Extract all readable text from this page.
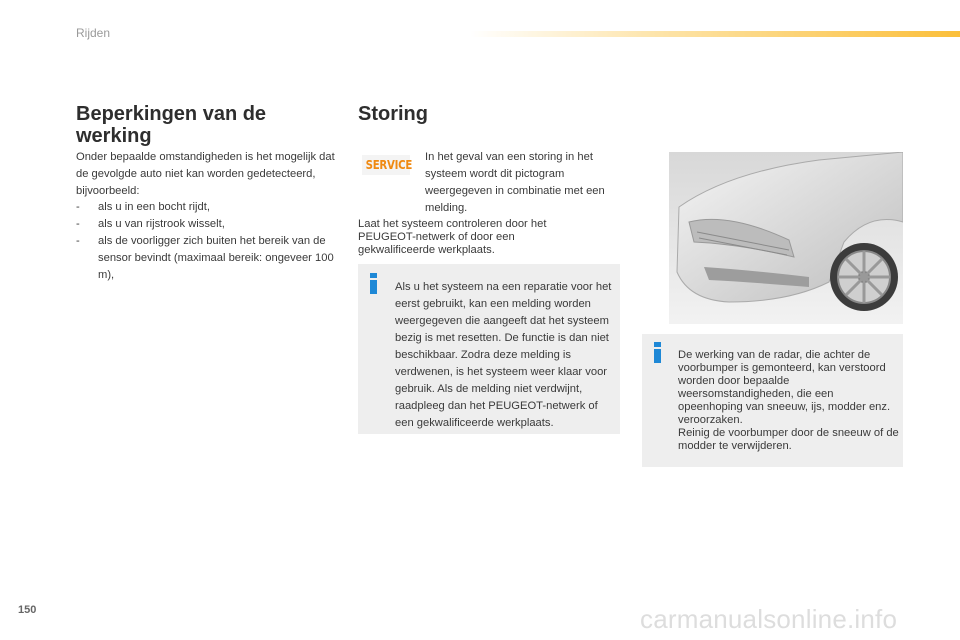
Rijden
Beperkingen van de werking

Onder bepaalde omstandigheden is het mogelijk dat de gevolgde auto niet kan worden gedetecteerd, bijvoorbeeld:

- als u in een bocht rijdt,
- als u van rijstrook wisselt,
- als de voorligger zich buiten het bereik van de sensor bevindt (maximaal bereik: ongeveer 100 m),
Storing
SERVICE

In het geval van een storing in het systeem wordt dit pictogram weergegeven in combinatie met een melding.

Laat het systeem controleren door het PEUGEOT-netwerk of door een gekwalificeerde werkplaats.

Als u het systeem na een reparatie voor het eerst gebruikt, kan een melding worden weergegeven die aangeeft dat het systeem bezig is met resetten. De functie is dan niet beschikbaar. Zodra deze melding is verdwenen, is het systeem weer klaar voor gebruik. Als de melding niet verdwijnt, raadpleeg dan het PEUGEOT-netwerk of een gekwalificeerde werkplaats.

De werking van de radar, die achter de voorbumper is gemonteerd, kan verstoord worden door bepaalde weersomstandigheden, die een opeenhoping van sneeuw, ijs, modder enz. veroorzaken.
Reinig de voorbumper door de sneeuw of de modder te verwijderen.

150	carmanualsonline.info
